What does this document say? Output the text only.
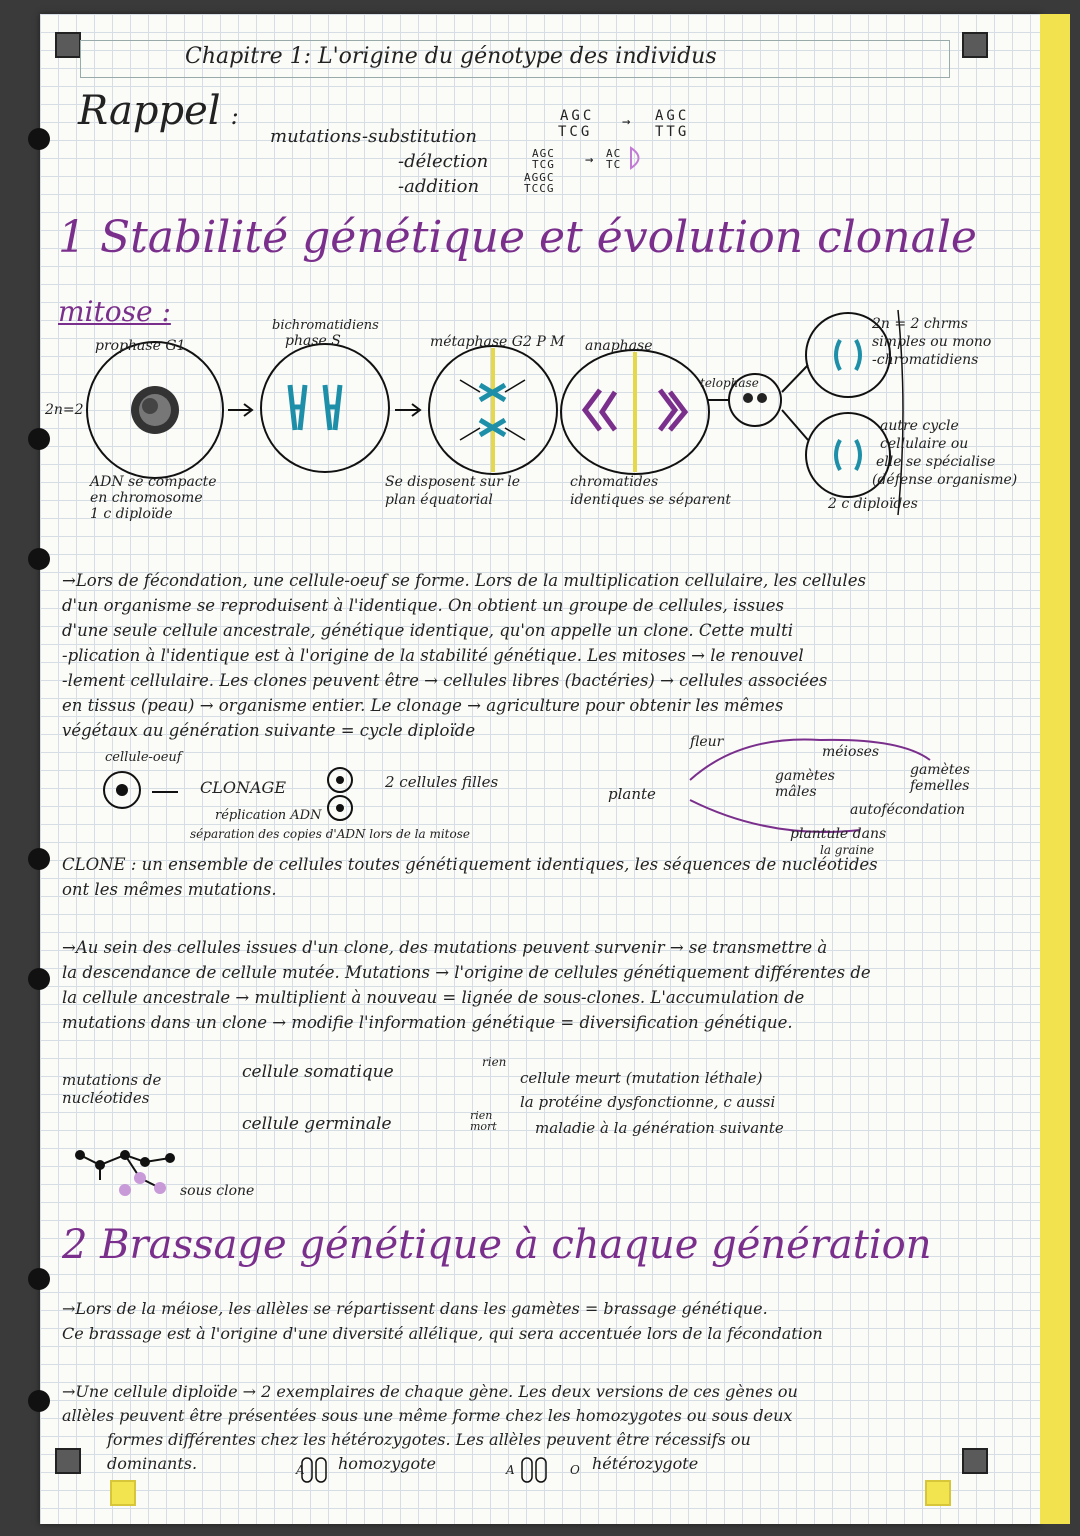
Chapitre 1: L'origine du génotype des individus
Rappel :
mutations -substitution
-délection
-addition
AGC
TCG
→ AGC
TTG
AGC TCG	→ AC TC
AGGC TCCG
1 Stabilité génétique et évolution clonale
mitose :
2n=2
prophase G1
bichromatidiens
phase S	métaphase G2 P M anaphase
telophase
ADN se compacte
en chromosome
1 c diploïde
Se disposent sur le
plan équatorial
chromatides
identiques se séparent
2n = 2 chrms
simples ou mono
-chromatidiens
autre cycle
cellulaire ou
elle se spécialise
(défense organisme)
2 c diploïdes

→Lors de fécondation, une cellule-oeuf se forme. Lors de la multiplication cellulaire, les cellules

d'un organisme se reproduisent à l'identique. On obtient un groupe de cellules, issues

d'une seule cellule ancestrale, génétique identique, qu'on appelle un clone. Cette multi

-plication à l'identique est à l'origine de la stabilité génétique. Les mitoses → le renouvel

-lement cellulaire. Les clones peuvent être → cellules libres (bactéries) → cellules associées

en tissus (peau) → organisme entier. Le clonage → agriculture pour obtenir les mêmes

végétaux au génération suivante = cycle diploïde

cellule-oeuf
CLONAGE	2 cellules filles
réplication ADN
séparation des copies d'ADN lors de la mitose
fleur
méioses
gamètes mâles
gamètes femelles
plante
autofécondation
plantule dans
la graine

CLONE : un ensemble de cellules toutes génétiquement identiques, les séquences de nucléotides

ont les mêmes mutations.

→Au sein des cellules issues d'un clone, des mutations peuvent survenir → se transmettre à

la descendance de cellule mutée. Mutations → l'origine de cellules génétiquement différentes de

la cellule ancestrale → multiplient à nouveau = lignée de sous-clones. L'accumulation de

mutations dans un clone → modifie l'information génétique = diversification génétique.

mutations de
nucléotides
cellule somatique
cellule germinale
rien
rien mort
cellule meurt (mutation léthale)
la protéine dysfonctionne, c aussi
maladie à la génération suivante
sous clone
2 Brassage génétique à chaque génération

→Lors de la méiose, les allèles se répartissent dans les gamètes = brassage génétique.

Ce brassage est à l'origine d'une diversité allélique, qui sera accentuée lors de la fécondation

→Une cellule diploïde → 2 exemplaires de chaque gène. Les deux versions de ces gènes ou

allèles peuvent être présentées sous une même forme chez les homozygotes ou sous deux

formes différentes chez les hétérozygotes. Les allèles peuvent être récessifs ou

dominants.	A homozygote	A	O hétérozygote
